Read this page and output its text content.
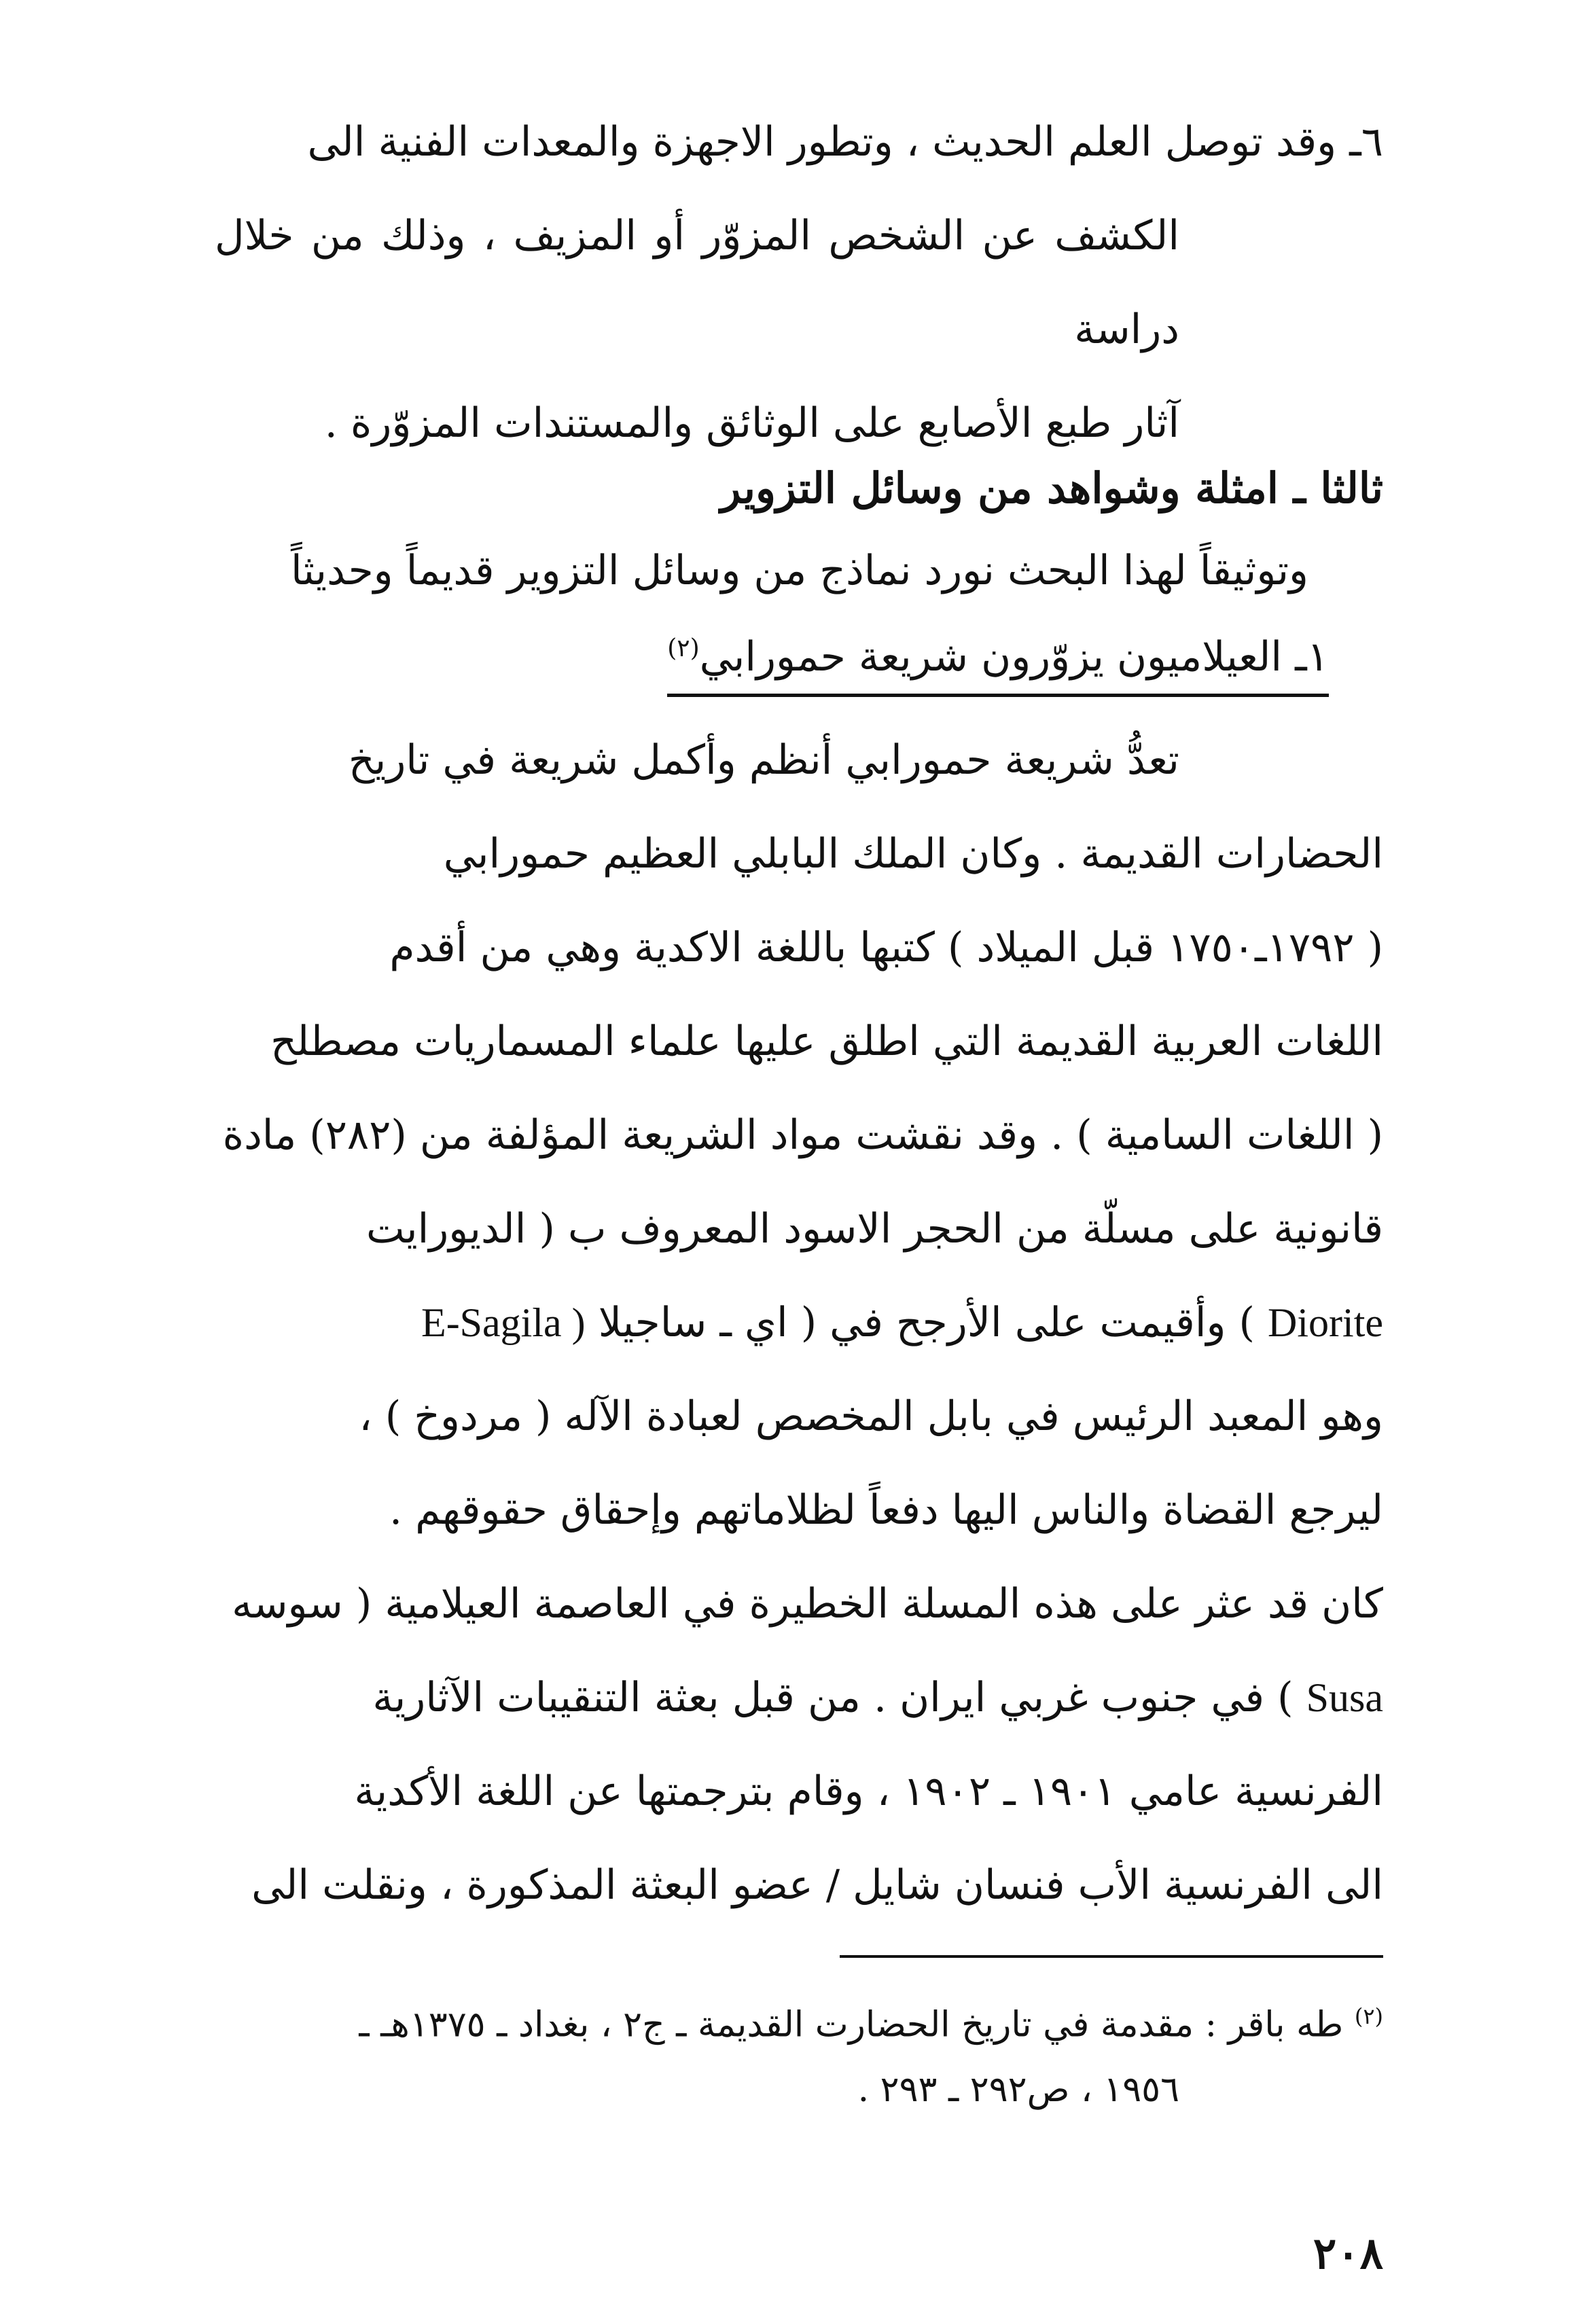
٦ـ وقد توصل العلم الحديث ، وتطور الاجهزة والمعدات الفنية الى

الكشف عن الشخص المزوّر أو المزيف ، وذلك من خلال دراسة

آثار طبع الأصابع على الوثائق والمستندات المزوّرة .

ثالثا ـ امثلة وشواهد من وسائل التزوير
وتوثيقاً لهذا البحث نورد نماذج من وسائل التزوير قديماً وحديثاً
١ـ العيلاميون يزوّرون شريعة حمورابي$^{(٢)}$

تعدُّ شريعة حمورابي أنظم وأكمل شريعة في تاريخ

الحضارات القديمة . وكان الملك البابلي العظيم حمورابي

( ١٧٩٢ـ١٧٥٠ قبل الميلاد ) كتبها باللغة الاكدية وهي من أقدم

اللغات العربية القديمة التي اطلق عليها علماء المسماريات مصطلح

( اللغات السامية ) . وقد نقشت مواد الشريعة المؤلفة من (٢٨٢) مادة

قانونية على مسلّة من الحجر الاسود المعروف ب ( الديورايت

Diorite ) وأقيمت على الأرجح في ( اي ـ ساجيلا E-Sagila )

وهو المعبد الرئيس في بابل المخصص لعبادة الآله ( مردوخ ) ،

ليرجع القضاة والناس اليها دفعاً لظلاماتهم وإحقاق حقوقهم .

كان قد عثر على هذه المسلة الخطيرة في العاصمة العيلامية ( سوسه

Susa ) في جنوب غربي ايران . من قبل بعثة التنقيبات الآثارية

الفرنسية عامي ١٩٠١ ـ ١٩٠٢ ، وقام بترجمتها عن اللغة الأكدية

الى الفرنسية الأب فنسان شايل / عضو البعثة المذكورة ، ونقلت الى

$^{(٢)}$ طه باقر : مقدمة في تاريخ الحضارت القديمة ـ ج٢ ، بغداد ـ ١٣٧٥هـ ـ

١٩٥٦ ، ص٢٩٢ ـ ٢٩٣ .

٢٠٨
